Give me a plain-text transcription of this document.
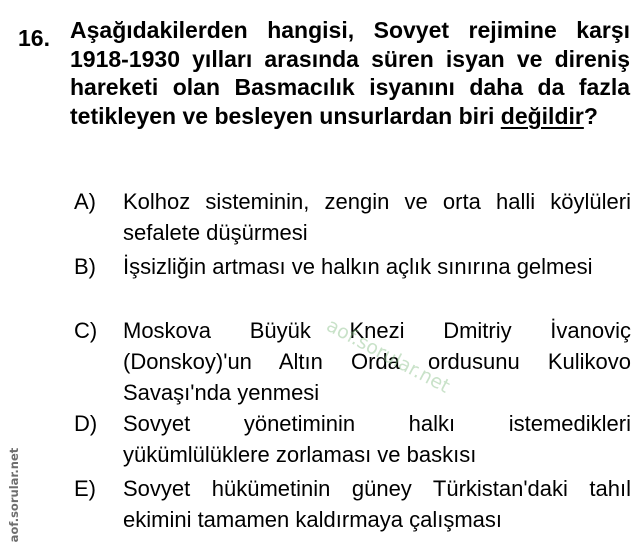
16. Aşağıdakilerden hangisi, Sovyet rejimine karşı 1918-1930 yılları arasında süren isyan ve direniş hareketi olan Basmacılık isyanını daha da fazla tetikleyen ve besleyen unsurlardan biri değildir?
A) Kolhoz sisteminin, zengin ve orta halli köylüleri sefalete düşürmesi
B) İşsizliğin artması ve halkın açlık sınırına gelmesi
C) Moskova Büyük Knezi Dmitriy İvanoviç (Donskoy)'un Altın Orda ordusunu Kulikovo Savaşı'nda yenmesi
D) Sovyet yönetiminin halkı istemedikleri yükümlülüklere zorlaması ve baskısı
E) Sovyet hükümetinin güney Türkistan'daki tahıl ekimini tamamen kaldırmaya çalışması
aof.sorular.net
aof.sorular.net
